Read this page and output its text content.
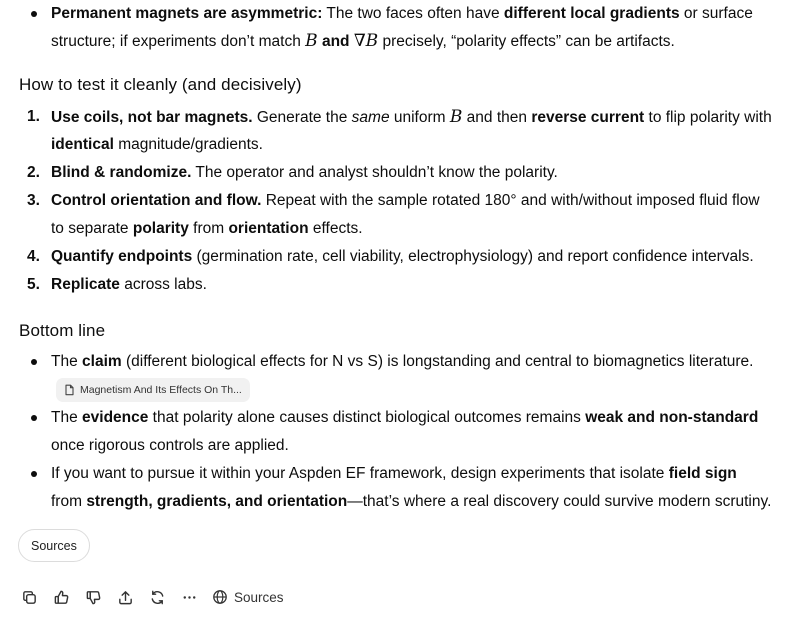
Permanent magnets are asymmetric: The two faces often have different local gradients or surface
structure; if experiments don’t match B and ∇B precisely, “polarity effects” can be artifacts.
How to test it cleanly (and decisively)
1. Use coils, not bar magnets. Generate the same uniform B and then reverse current to flip polarity with
identical magnitude/gradients.
2. Blind & randomize. The operator and analyst shouldn’t know the polarity.
3. Control orientation and flow. Repeat with the sample rotated 180° and with/without imposed fluid flow
to separate polarity from orientation effects.
4. Quantify endpoints (germination rate, cell viability, electrophysiology) and report confidence intervals.
5. Replicate across labs.
Bottom line
The claim (different biological effects for N vs S) is longstanding and central to biomagnetics literature.
Magnetism And Its Effects On Th...
The evidence that polarity alone causes distinct biological outcomes remains weak and non-standard
once rigorous controls are applied.
If you want to pursue it within your Aspden EF framework, design experiments that isolate field sign
from strength, gradients, and orientation—that’s where a real discovery could survive modern scrutiny.
Sources
Sources
